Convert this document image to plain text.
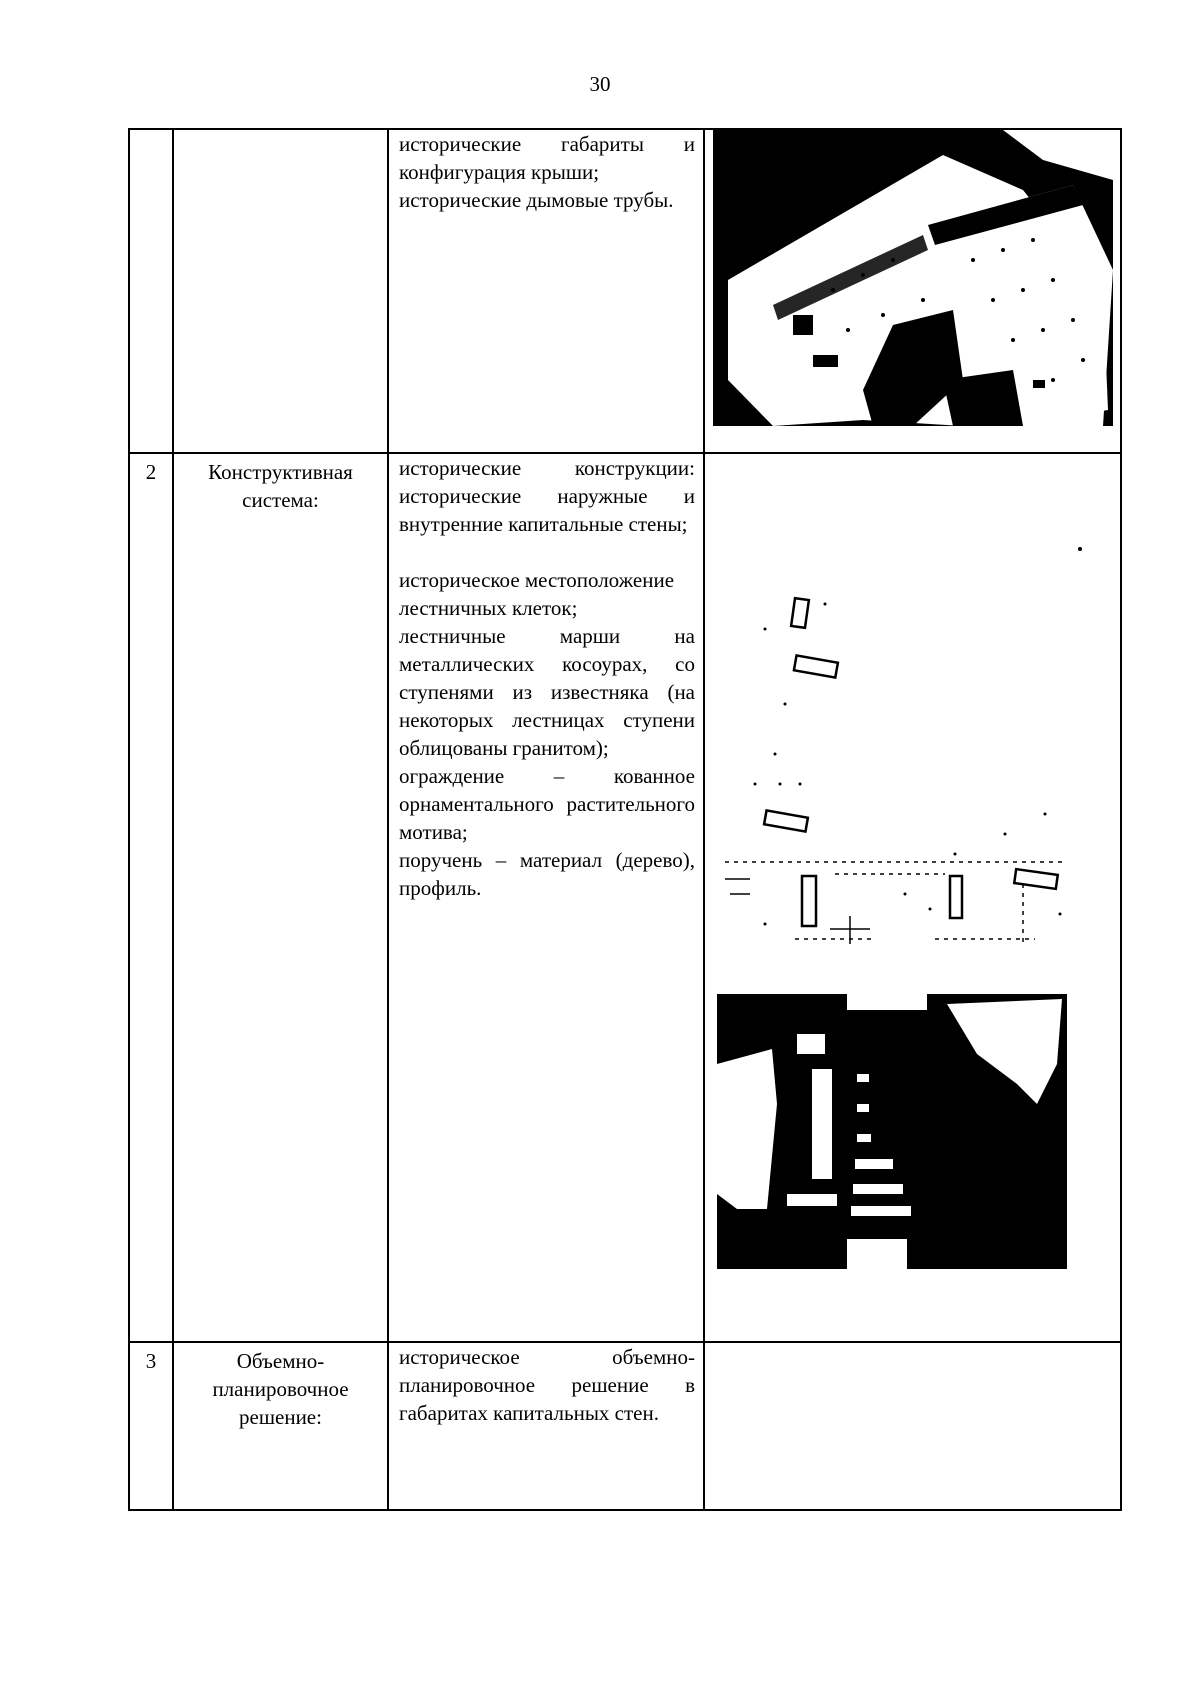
30

		исторические габариты и конфигурация крыши;

исторические дымовые трубы.

2	Конструктивная система:	исторические конструкции: исторические наружные и внутренние капитальные стены;

историческое местоположение лестничных клеток;

лестничные марши на металлических косоурах, со ступенями из известняка (на некоторых лестницах ступени облицованы гранитом);

ограждение – кованное орнаментального растительного мотива;

поручень – материал (дерево), профиль.

3	Объемно-планировочное решение:	историческое объемно-планировочное решение в габаритах капитальных стен.	
